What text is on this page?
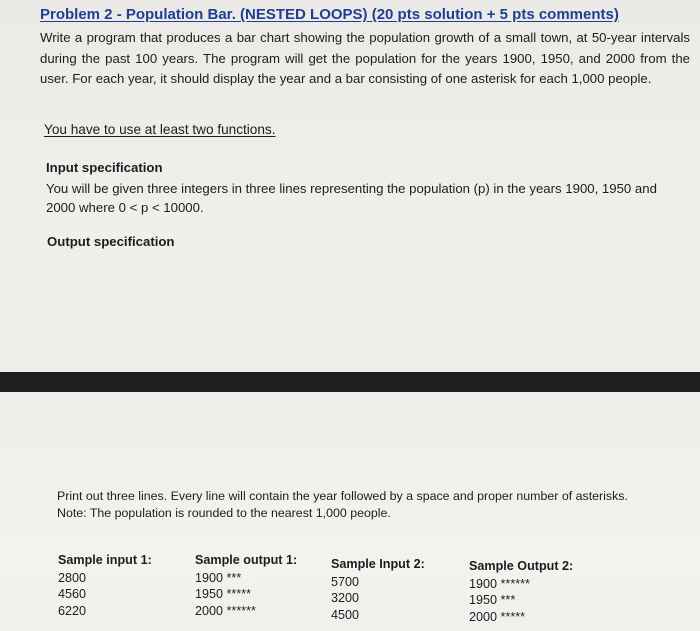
Problem 2 - Population Bar. (NESTED LOOPS) (20 pts solution + 5 pts comments)
Write a program that produces a bar chart showing the population growth of a small town, at 50-year intervals during the past 100 years. The program will get the population for the years 1900, 1950, and 2000 from the user. For each year, it should display the year and a bar consisting of one asterisk for each 1,000 people.
You have to use at least two functions.
Input specification
You will be given three integers in three lines representing the population (p) in the years 1900, 1950 and 2000 where 0 < p < 10000.
Output specification
Print out three lines. Every line will contain the year followed by a space and proper number of asterisks.
Note: The population is rounded to the nearest 1,000 people.
Sample input 1:
2800
4560
6220
Sample output 1:
1900 ***
1950 *****
2000 ******
Sample Input 2:
5700
3200
4500
Sample Output 2:
1900 ******
1950 ***
2000 *****
